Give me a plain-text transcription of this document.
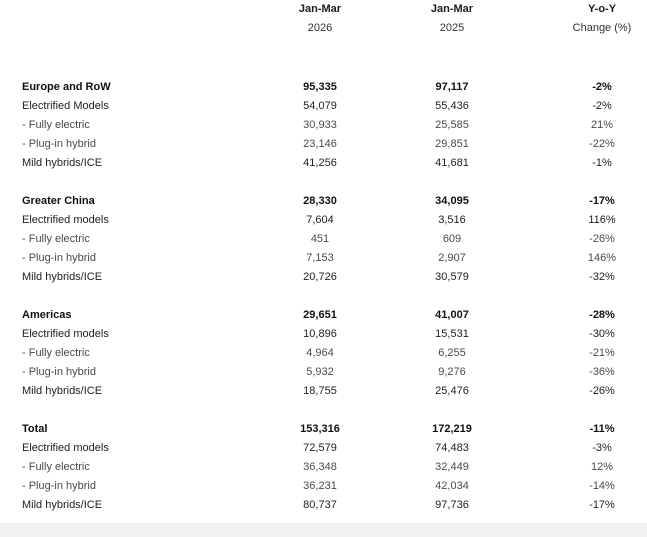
Jan-Mar
2026
Jan-Mar
2025
Y-o-Y
Change (%)
Europe and RoW	95,335	97,117	-2%
Electrified Models	54,079	55,436	-2%
- Fully electric	30,933	25,585	21%
- Plug-in hybrid	23,146	29,851	-22%
Mild hybrids/ICE	41,256	41,681	-1%
Greater China	28,330	34,095	-17%
Electrified models	7,604	3,516	116%
- Fully electric	451	609	-26%
- Plug-in hybrid	7,153	2,907	146%
Mild hybrids/ICE	20,726	30,579	-32%
Americas	29,651	41,007	-28%
Electrified models	10,896	15,531	-30%
- Fully electric	4,964	6,255	-21%
- Plug-in hybrid	5,932	9,276	-36%
Mild hybrids/ICE	18,755	25,476	-26%
Total	153,316	172,219	-11%
Electrified models	72,579	74,483	-3%
- Fully electric	36,348	32,449	12%
- Plug-in hybrid	36,231	42,034	-14%
Mild hybrids/ICE	80,737	97,736	-17%
